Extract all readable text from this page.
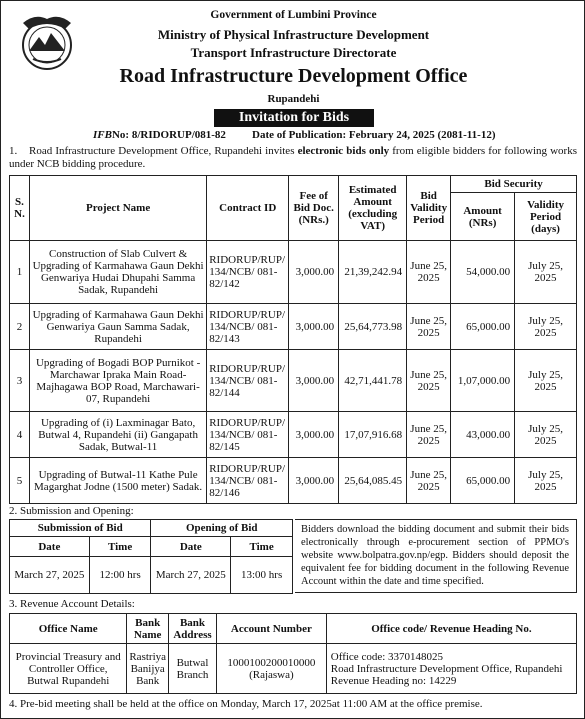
Government of Lumbini Province
Ministry of Physical Infrastructure Development
Transport Infrastructure Directorate
Road Infrastructure Development Office
Rupandehi
Invitation for Bids
IFBNo: 8/RIDORUP/081-82 Date of Publication: February 24, 2025 (2081-11-12)
1. Road Infrastructure Development Office, Rupandehi invites electronic bids only from eligible bidders for following works under NCB bidding procedure.
S. N.	Project Name	Contract ID	Fee of Bid Doc. (NRs.)	Estimated Amount (excluding VAT)	Bid Validity Period	Bid Security	
						Amount (NRs)	Validity Period (days)
1	Construction of Slab Culvert & Upgrading of Karmahawa Gaun Dekhi Genwariya Hudai Dhupahi Samma Sadak, Rupandehi	RIDORUP/RUP/ 134/NCB/ 081-82/142	3,000.00	21,39,242.94	June 25, 2025	54,000.00	July 25, 2025
2	Upgrading of Karmahawa Gaun Dekhi Genwariya Gaun Samma Sadak, Rupandehi	RIDORUP/RUP/ 134/NCB/ 081-82/143	3,000.00	25,64,773.98	June 25, 2025	65,000.00	July 25, 2025
3	Upgrading of Bogadi BOP Purnikot -Marchawar Ipraka Main Road-Majhagawa BOP Road, Marchawari-07, Rupandehi	RIDORUP/RUP/ 134/NCB/ 081-82/144	3,000.00	42,71,441.78	June 25, 2025	1,07,000.00	July 25, 2025
4	Upgrading of (i) Laxminagar Bato, Butwal 4, Rupandehi (ii) Gangapath Sadak, Butwal-11	RIDORUP/RUP/ 134/NCB/ 081-82/145	3,000.00	17,07,916.68	June 25, 2025	43,000.00	July 25, 2025
5	Upgrading of Butwal-11 Kathe Pule Magarghat Jodne (1500 meter) Sadak.	RIDORUP/RUP/ 134/NCB/ 081-82/146	3,000.00	25,64,085.45	June 25, 2025	65,000.00	July 25, 2025
2. Submission and Opening:
Submission of Bid		Opening of Bid	
Date	Time	Date	Time
March 27, 2025	12:00 hrs	March 27, 2025	13:00 hrs
Bidders download the bidding document and submit their bids electronically through e-procurement section of PPMO's website www.bolpatra.gov.np/egp. Bidders should deposit the equivalent fee for bidding document in the following Revenue Account within the date and time specified.
3. Revenue Account Details:
Office Name	Bank Name	Bank Address	Account Number	Office code/ Revenue Heading No.
Provincial Treasury and Controller Office, Butwal Rupandehi	Rastriya Banijya Bank	Butwal Branch	1000100200010000 (Rajaswa)	Office code: 3370148025
Road Infrastructure Development Office, Rupandehi
Revenue Heading no: 14229
4. Pre-bid meeting shall be held at the office on Monday, March 17, 2025at 11:00 AM at the office premise.
